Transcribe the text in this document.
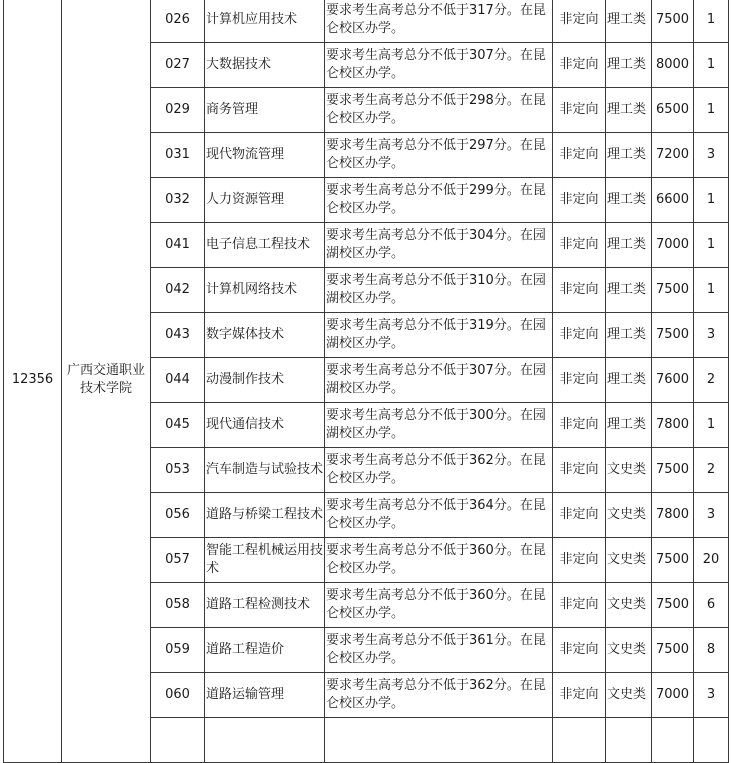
12356	广西交通职业技术学院	026	计算机应用技术	要求考生高考总分不低于317分。在昆仑校区办学。	非定向	理工类	7500	1
		027	大数据技术	要求考生高考总分不低于307分。在昆仑校区办学。	非定向	理工类	8000	1
		029	商务管理	要求考生高考总分不低于298分。在昆仑校区办学。	非定向	理工类	6500	1
		031	现代物流管理	要求考生高考总分不低于297分。在昆仑校区办学。	非定向	理工类	7200	3
		032	人力资源管理	要求考生高考总分不低于299分。在昆仑校区办学。	非定向	理工类	6600	1
		041	电子信息工程技术	要求考生高考总分不低于304分。在园湖校区办学。	非定向	理工类	7000	1
		042	计算机网络技术	要求考生高考总分不低于310分。在园湖校区办学。	非定向	理工类	7500	1
		043	数字媒体技术	要求考生高考总分不低于319分。在园湖校区办学。	非定向	理工类	7500	3
		044	动漫制作技术	要求考生高考总分不低于307分。在园湖校区办学。	非定向	理工类	7600	2
		045	现代通信技术	要求考生高考总分不低于300分。在园湖校区办学。	非定向	理工类	7800	1
		053	汽车制造与试验技术	要求考生高考总分不低于362分。在昆仑校区办学。	非定向	文史类	7500	2
		056	道路与桥梁工程技术	要求考生高考总分不低于364分。在昆仑校区办学。	非定向	文史类	7800	3
		057	智能工程机械运用技术	要求考生高考总分不低于360分。在昆仑校区办学。	非定向	文史类	7500	20
		058	道路工程检测技术	要求考生高考总分不低于360分。在昆仑校区办学。	非定向	文史类	7500	6
		059	道路工程造价	要求考生高考总分不低于361分。在昆仑校区办学。	非定向	文史类	7500	8
		060	道路运输管理	要求考生高考总分不低于362分。在昆仑校区办学。	非定向	文史类	7000	3
